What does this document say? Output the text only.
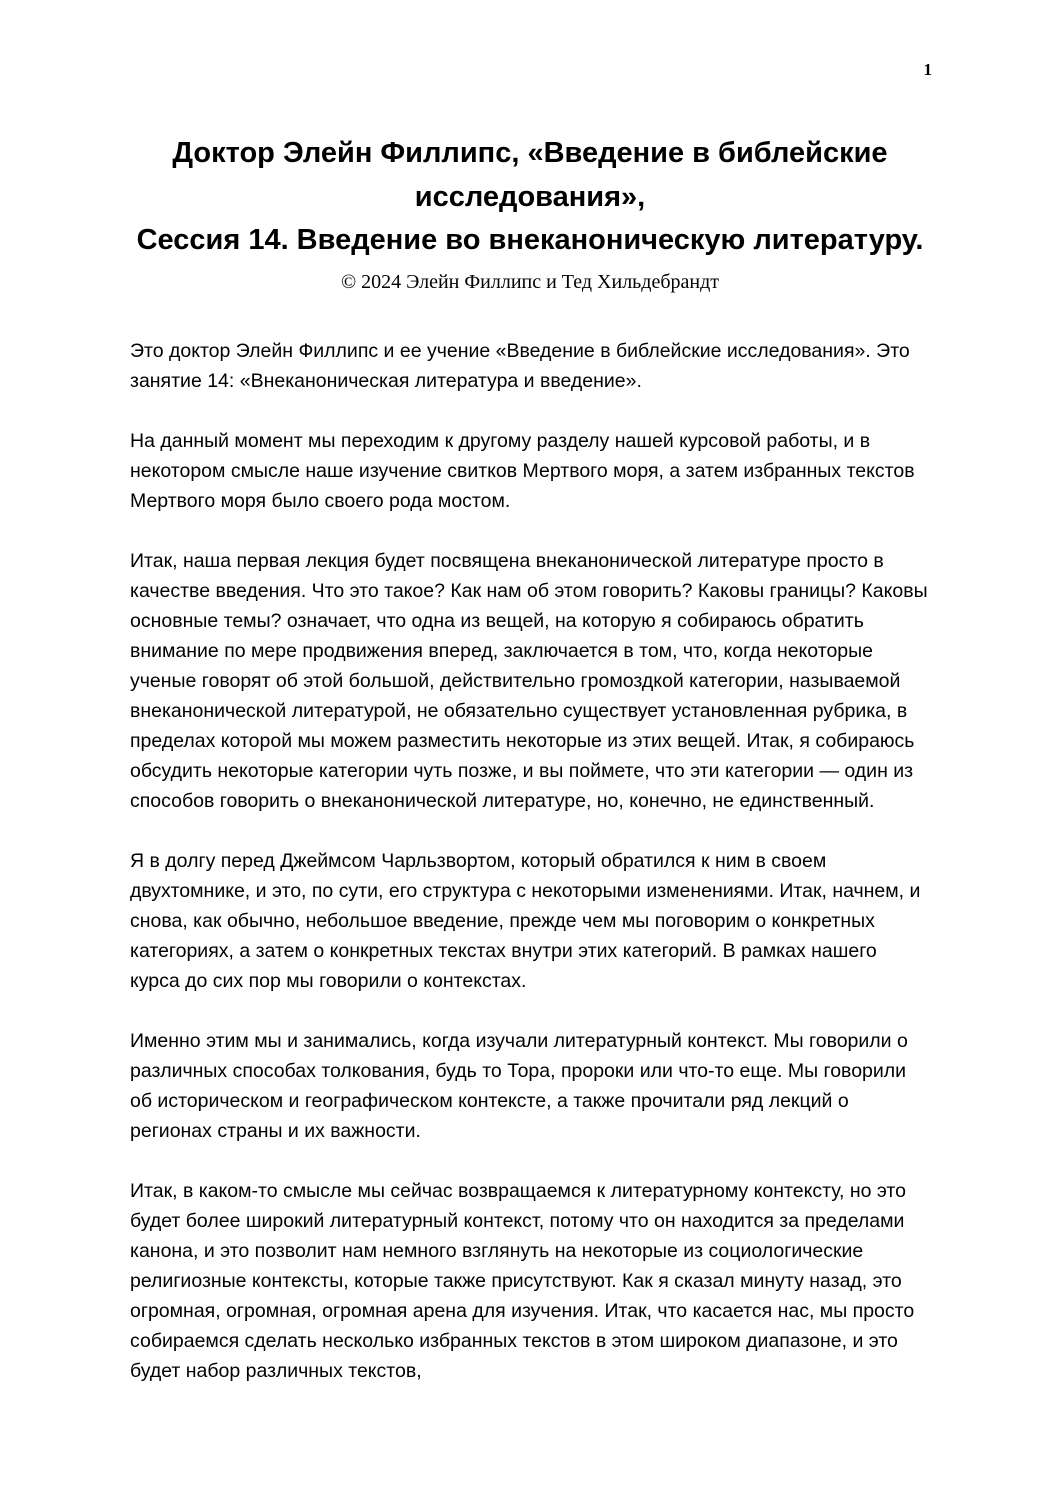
1
Доктор Элейн Филлипс, «Введение в библейские исследования»,
Сессия 14. Введение во внеканоническую литературу.
© 2024 Элейн Филлипс и Тед Хильдебрандт

Это доктор Элейн Филлипс и ее учение «Введение в библейские исследования». Это занятие 14: «Внеканоническая литература и введение».

На данный момент мы переходим к другому разделу нашей курсовой работы, и в некотором смысле наше изучение свитков Мертвого моря, а затем избранных текстов Мертвого моря было своего рода мостом.

Итак, наша первая лекция будет посвящена внеканонической литературе просто в качестве введения. Что это такое? Как нам об этом говорить? Каковы границы? Каковы основные темы? означает, что одна из вещей, на которую я собираюсь обратить внимание по мере продвижения вперед, заключается в том, что, когда некоторые ученые говорят об этой большой, действительно громоздкой категории, называемой внеканонической литературой, не обязательно существует установленная рубрика, в пределах которой мы можем разместить некоторые из этих вещей. Итак, я собираюсь обсудить некоторые категории чуть позже, и вы поймете, что эти категории — один из способов говорить о внеканонической литературе, но, конечно, не единственный.

Я в долгу перед Джеймсом Чарльзвортом, который обратился к ним в своем двухтомнике, и это, по сути, его структура с некоторыми изменениями. Итак, начнем, и снова, как обычно, небольшое введение, прежде чем мы поговорим о конкретных категориях, а затем о конкретных текстах внутри этих категорий. В рамках нашего курса до сих пор мы говорили о контекстах.

Именно этим мы и занимались, когда изучали литературный контекст. Мы говорили о различных способах толкования, будь то Тора, пророки или что-то еще. Мы говорили об историческом и географическом контексте, а также прочитали ряд лекций о регионах страны и их важности.

Итак, в каком-то смысле мы сейчас возвращаемся к литературному контексту, но это будет более широкий литературный контекст, потому что он находится за пределами канона, и это позволит нам немного взглянуть на некоторые из социологические религиозные контексты, которые также присутствуют. Как я сказал минуту назад, это огромная, огромная, огромная арена для изучения. Итак, что касается нас, мы просто собираемся сделать несколько избранных текстов в этом широком диапазоне, и это будет набор различных текстов,
